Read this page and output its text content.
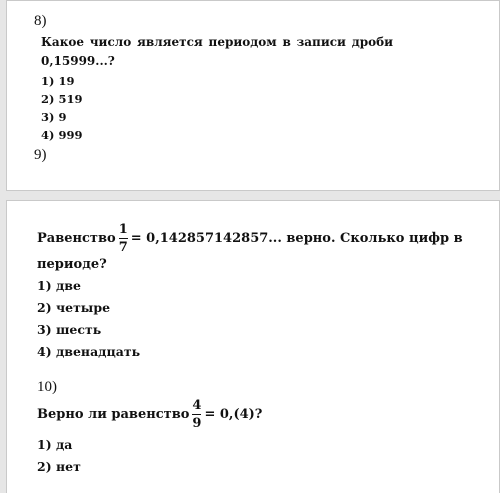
8)
Какое число является периодом в записи дроби
0,15999...?
1) 19
2) 519
3) 9
4) 999
9)
Равенство $\frac{1}{7} = 0,142857142857$... верно. Сколько цифр в
периоде?
1) две
2) четыре
3) шесть
4) двенадцать
10)
Верно ли равенство $\frac{4}{9} = 0,(4)$?
1) да
2) нет
